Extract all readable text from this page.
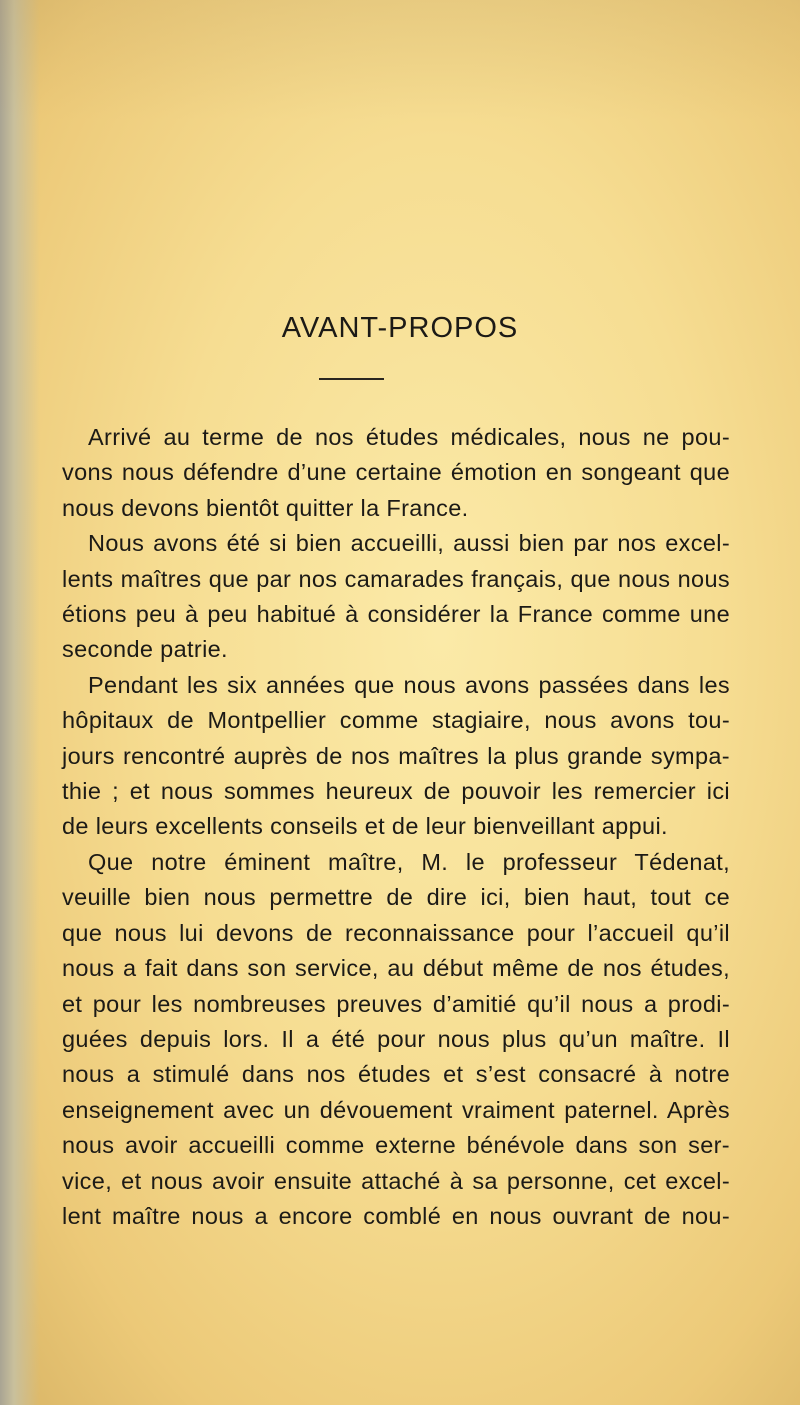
AVANT-PROPOS

Arrivé au terme de nos études médicales, nous ne pou-
vons nous défendre d’une certaine émotion en songeant que
nous devons bientôt quitter la France.

Nous avons été si bien accueilli, aussi bien par nos excel-
lents maîtres que par nos camarades français, que nous nous
étions peu à peu habitué à considérer la France comme une
seconde patrie.

Pendant les six années que nous avons passées dans les
hôpitaux de Montpellier comme stagiaire, nous avons tou-
jours rencontré auprès de nos maîtres la plus grande sympa-
thie ; et nous sommes heureux de pouvoir les remercier ici
de leurs excellents conseils et de leur bienveillant appui.

Que notre éminent maître, M. le professeur Tédenat,
veuille bien nous permettre de dire ici, bien haut, tout ce
que nous lui devons de reconnaissance pour l’accueil qu’il
nous a fait dans son service, au début même de nos études,
et pour les nombreuses preuves d’amitié qu’il nous a prodi-
guées depuis lors. Il a été pour nous plus qu’un maître. Il
nous a stimulé dans nos études et s’est consacré à notre
enseignement avec un dévouement vraiment paternel. Après
nous avoir accueilli comme externe bénévole dans son ser-
vice, et nous avoir ensuite attaché à sa personne, cet excel-
lent maître nous a encore comblé en nous ouvrant de nou-
